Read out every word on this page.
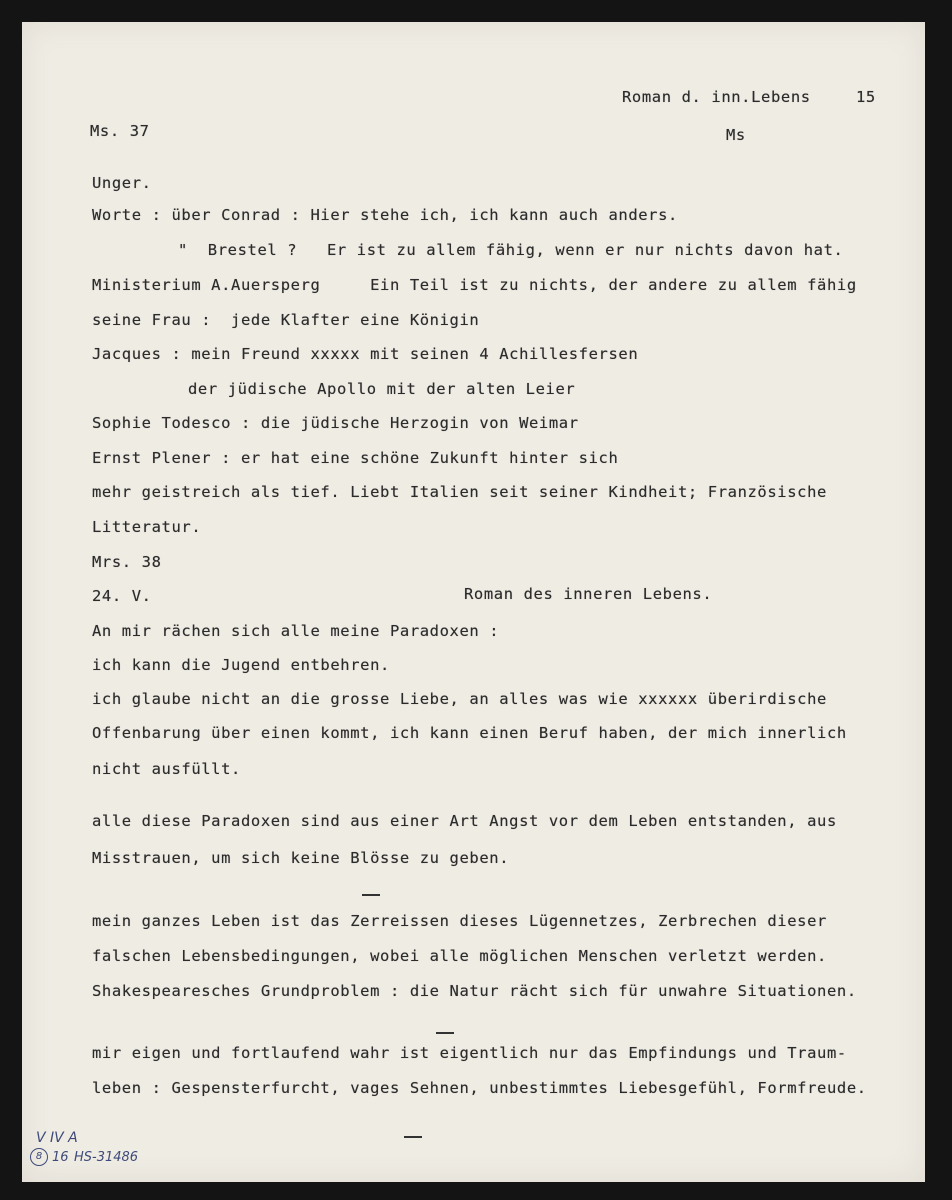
Roman d. inn.Lebens	15
Ms. 37	Ms
Unger.
Worte : über Conrad : Hier stehe ich, ich kann auch anders.
"  Brestel ?   Er ist zu allem fähig, wenn er nur nichts davon hat.
Ministerium A.Auersperg     Ein Teil ist zu nichts, der andere zu allem fähig
seine Frau :  jede Klafter eine Königin
Jacques : mein Freund xxxxx mit seinen 4 Achillesfersen
der jüdische Apollo mit der alten Leier
Sophie Todesco : die jüdische Herzogin von Weimar
Ernst Plener : er hat eine schöne Zukunft hinter sich
mehr geistreich als tief. Liebt Italien seit seiner Kindheit; Französische
Litteratur.
Mrs. 38
24. V.	Roman des inneren Lebens.
An mir rächen sich alle meine Paradoxen :
ich kann die Jugend entbehren.
ich glaube nicht an die grosse Liebe, an alles was wie xxxxxx überirdische
Offenbarung über einen kommt, ich kann einen Beruf haben, der mich innerlich
nicht ausfüllt.
alle diese Paradoxen sind aus einer Art Angst vor dem Leben entstanden, aus
Misstrauen, um sich keine Blösse zu geben.
mein ganzes Leben ist das Zerreissen dieses Lügennetzes, Zerbrechen dieser
falschen Lebensbedingungen, wobei alle möglichen Menschen verletzt werden.
Shakespearesches Grundproblem : die Natur rächt sich für unwahre Situationen.
mir eigen und fortlaufend wahr ist eigentlich nur das Empfindungs und Traum-
leben : Gespensterfurcht, vages Sehnen, unbestimmtes Liebesgefühl, Formfreude.
V IV A
8 16 HS-31486
